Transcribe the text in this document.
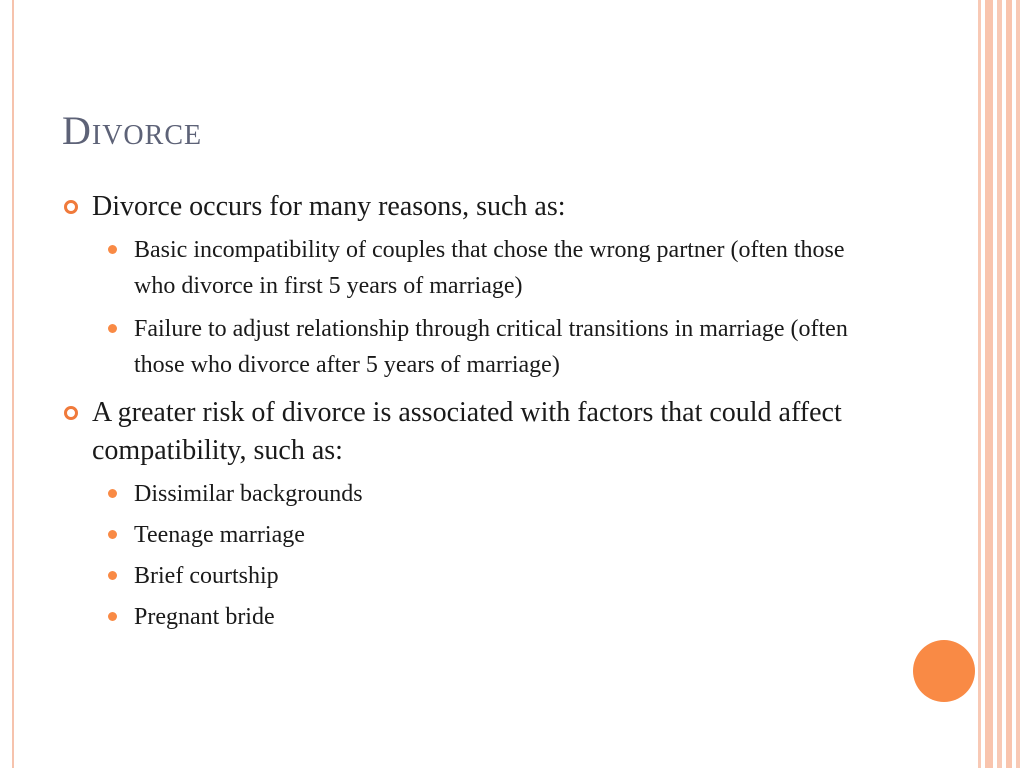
Divorce
Divorce occurs for many reasons, such as:
Basic incompatibility of couples that chose the wrong partner (often those who divorce in first 5 years of marriage)
Failure to adjust relationship through critical transitions in marriage (often those who divorce after 5 years of marriage)
A greater risk of divorce is associated with factors that could affect compatibility, such as:
Dissimilar backgrounds
Teenage marriage
Brief courtship
Pregnant bride
